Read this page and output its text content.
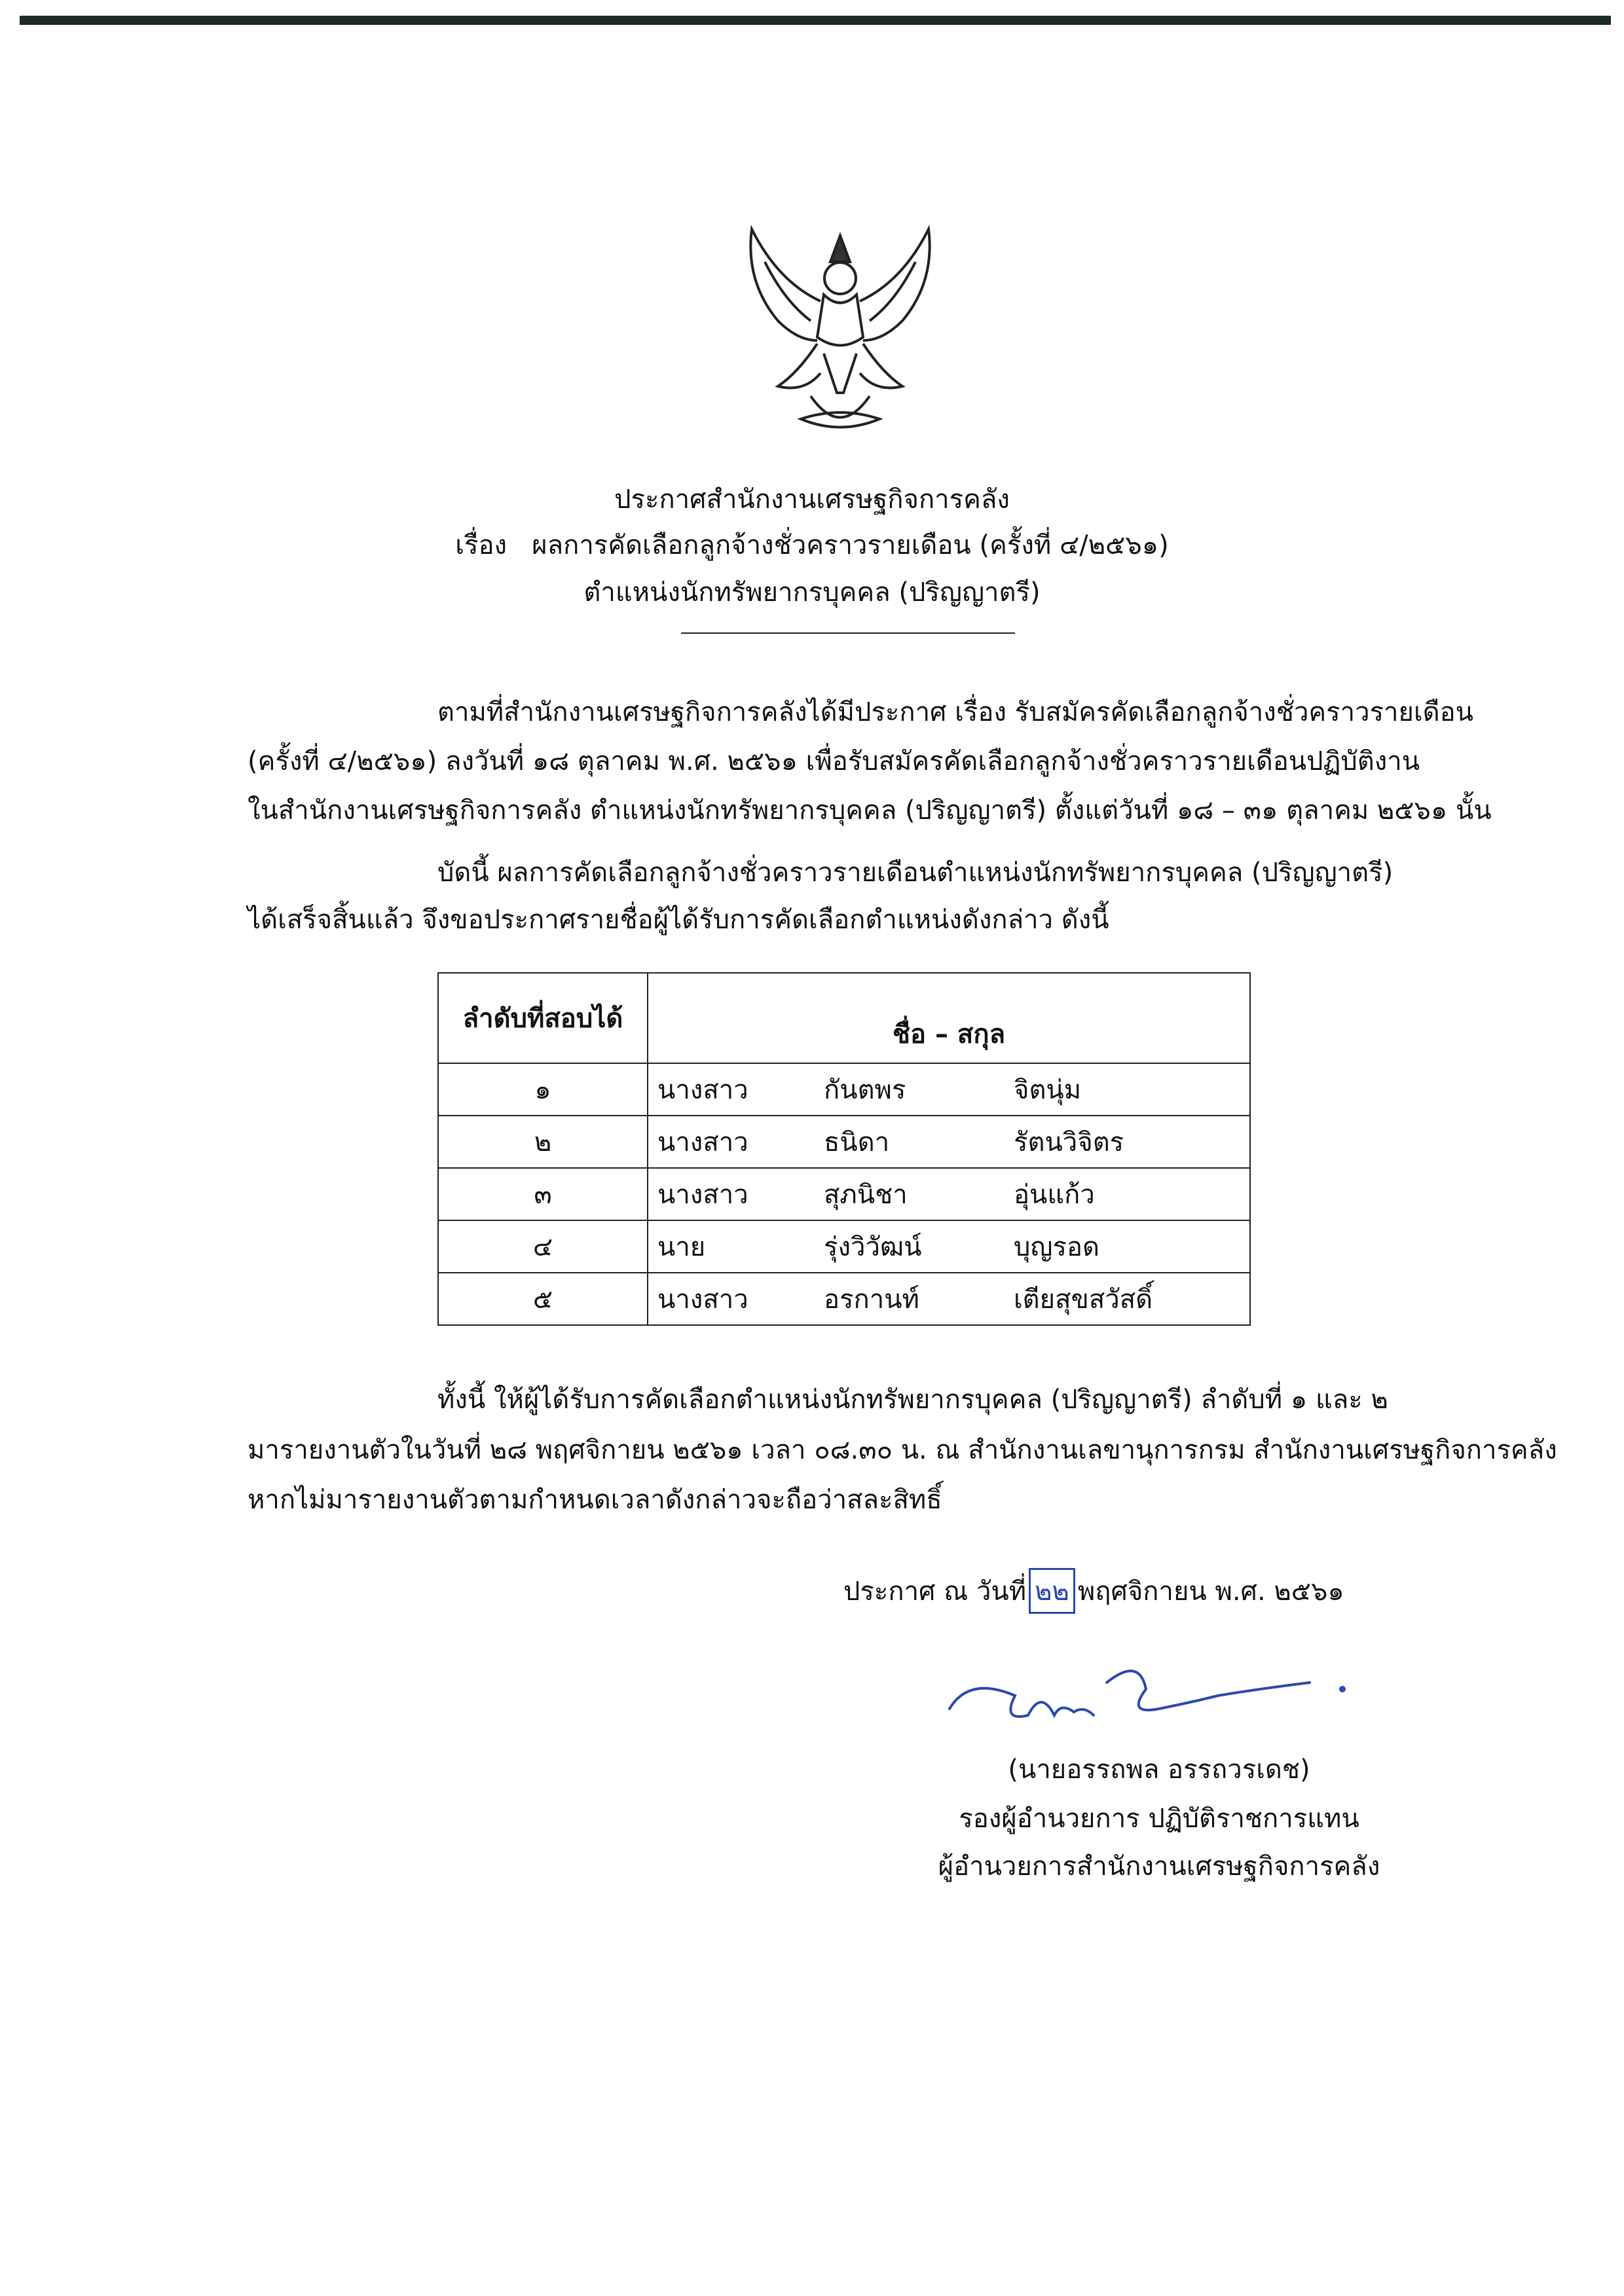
ประกาศสำนักงานเศรษฐกิจการคลัง
เรื่อง ผลการคัดเลือกลูกจ้างชั่วคราวรายเดือน (ครั้งที่ ๔/๒๕๖๑)
ตำแหน่งนักทรัพยากรบุคคล (ปริญญาตรี)
ตามที่สำนักงานเศรษฐกิจการคลังได้มีประกาศ เรื่อง รับสมัครคัดเลือกลูกจ้างชั่วคราวรายเดือน
(ครั้งที่ ๔/๒๕๖๑) ลงวันที่ ๑๘ ตุลาคม พ.ศ. ๒๕๖๑ เพื่อรับสมัครคัดเลือกลูกจ้างชั่วคราวรายเดือนปฏิบัติงาน
ในสำนักงานเศรษฐกิจการคลัง ตำแหน่งนักทรัพยากรบุคคล (ปริญญาตรี) ตั้งแต่วันที่ ๑๘ – ๓๑ ตุลาคม ๒๕๖๑ นั้น
บัดนี้ ผลการคัดเลือกลูกจ้างชั่วคราวรายเดือนตำแหน่งนักทรัพยากรบุคคล (ปริญญาตรี)
ได้เสร็จสิ้นแล้ว จึงขอประกาศรายชื่อผู้ได้รับการคัดเลือกตำแหน่งดังกล่าว ดังนี้
ลำดับที่สอบได้	ชื่อ – สกุล		
๑	นางสาว	กันตพร	จิตนุ่ม
๒	นางสาว	ธนิดา	รัตนวิจิตร
๓	นางสาว	สุภนิชา	อุ่นแก้ว
๔	นาย	รุ่งวิวัฒน์	บุญรอด
๕	นางสาว	อรกานท์	เตียสุขสวัสดิ์
ทั้งนี้ ให้ผู้ได้รับการคัดเลือกตำแหน่งนักทรัพยากรบุคคล (ปริญญาตรี) ลำดับที่ ๑ และ ๒
มารายงานตัวในวันที่ ๒๘ พฤศจิกายน ๒๕๖๑ เวลา ๐๘.๓๐ น. ณ สำนักงานเลขานุการกรม สำนักงานเศรษฐกิจการคลัง
หากไม่มารายงานตัวตามกำหนดเวลาดังกล่าวจะถือว่าสละสิทธิ์
ประกาศ ณ วันที่ ๒๒ พฤศจิกายน พ.ศ. ๒๕๖๑
(นายอรรถพล อรรถวรเดช)
รองผู้อำนวยการ ปฏิบัติราชการแทน
ผู้อำนวยการสำนักงานเศรษฐกิจการคลัง
